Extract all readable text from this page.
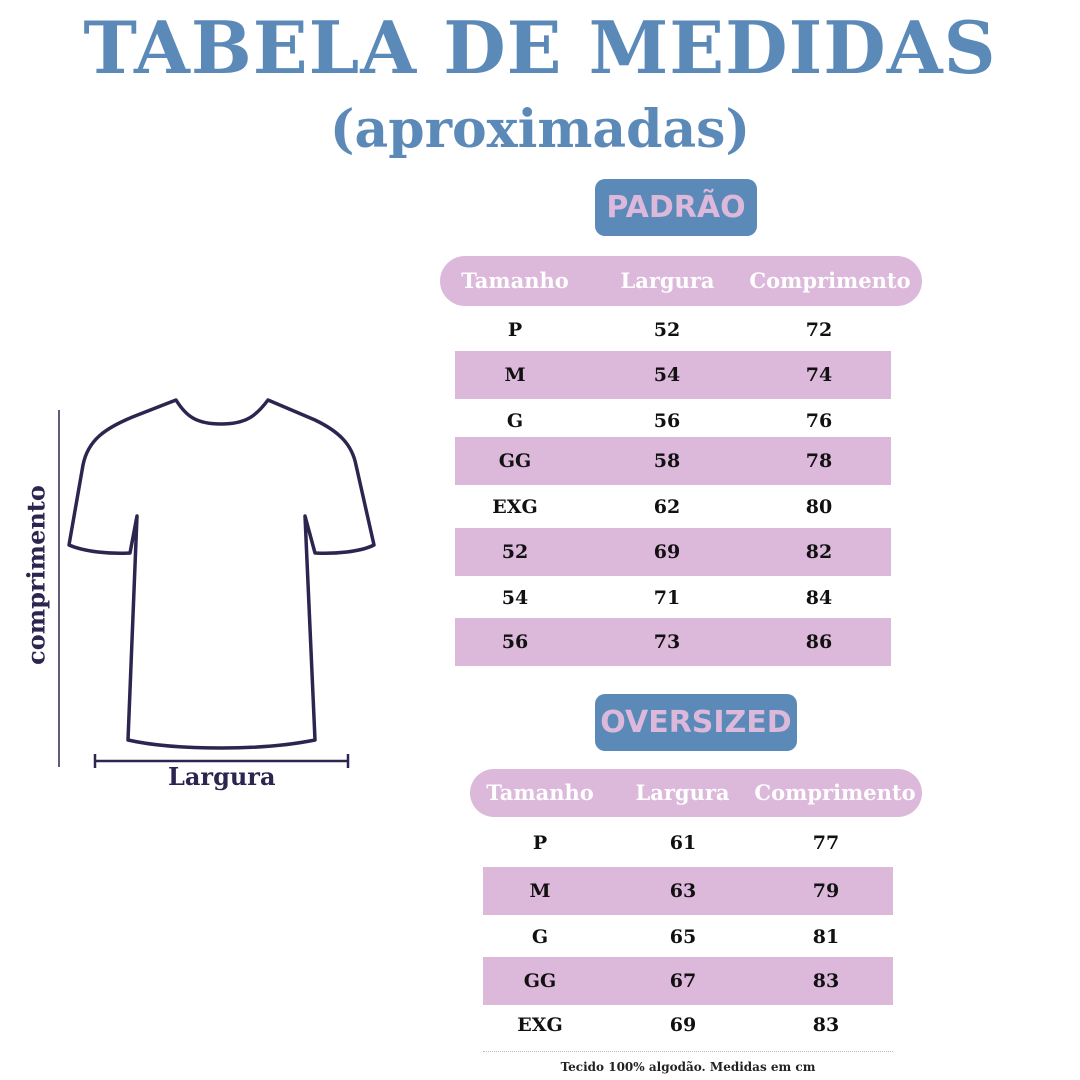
TABELA DE MEDIDAS
(aproximadas)
Largura
comprimento
PADRÃO
Tamanho	Largura	Comprimento
P	52	72
M	54	74
G	56	76
GG	58	78
EXG	62	80
52	69	82
54	71	84
56	73	86
OVERSIZED
Tamanho	Largura	Comprimento
P	61	77
M	63	79
G	65	81
GG	67	83
EXG	69	83
Tecido 100% algodão. Medidas em cm
